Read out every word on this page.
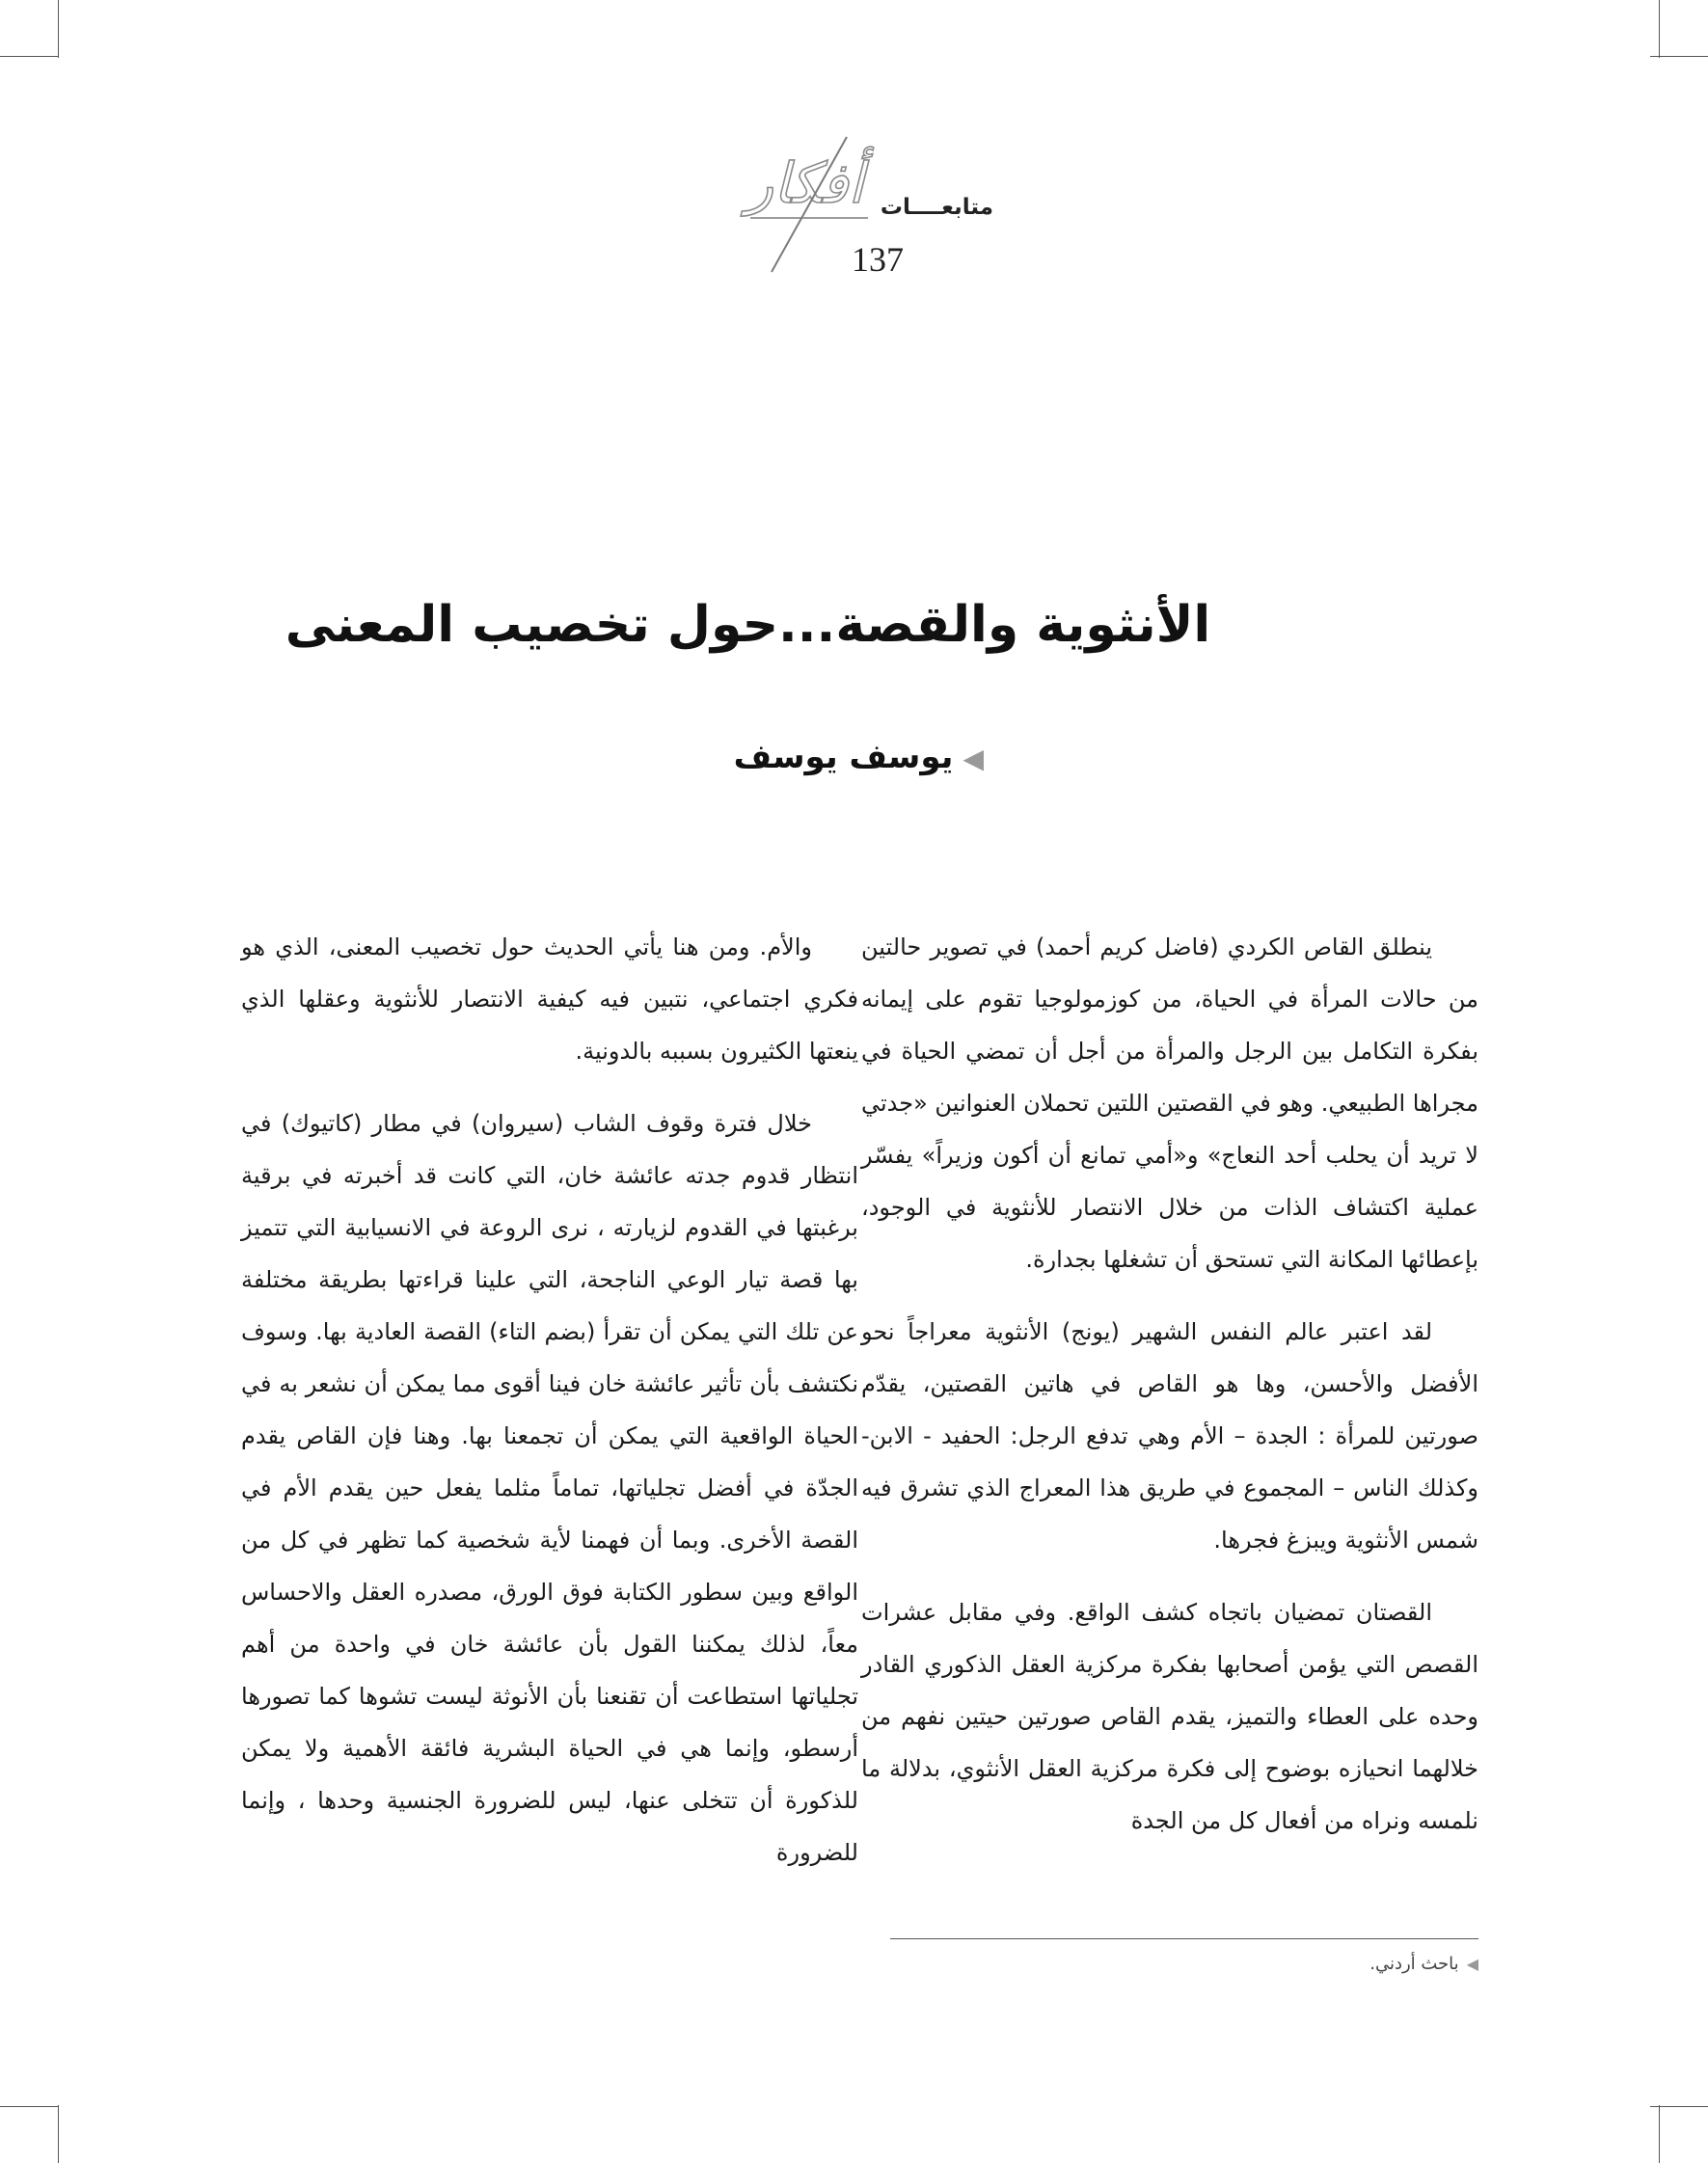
أفكار متابعــــات
137
الأنثوية والقصة...حول تخصيب المعنى
◀يوسف يوسف

ينطلق القاص الكردي (فاضل كريم أحمد) في تصوير حالتين من حالات المرأة في الحياة، من كوزمولوجيا تقوم على إيمانه بفكرة التكامل بين الرجل والمرأة من أجل أن تمضي الحياة في مجراها الطبيعي. وهو في القصتين اللتين تحملان العنوانين «جدتي لا تريد أن يحلب أحد النعاج» و«أمي تمانع أن أكون وزيراً» يفسّر عملية اكتشاف الذات من خلال الانتصار للأنثوية في الوجود، بإعطائها المكانة التي تستحق أن تشغلها بجدارة.

لقد اعتبر عالم النفس الشهير (يونج) الأنثوية معراجاً نحو الأفضل والأحسن، وها هو القاص في هاتين القصتين، يقدّم صورتين للمرأة : الجدة – الأم وهي تدفع الرجل: الحفيد - الابن- وكذلك الناس – المجموع في طريق هذا المعراج الذي تشرق فيه شمس الأنثوية ويبزغ فجرها.

القصتان تمضيان باتجاه كشف الواقع. وفي مقابل عشرات القصص التي يؤمن أصحابها بفكرة مركزية العقل الذكوري القادر وحده على العطاء والتميز، يقدم القاص صورتين حيتين نفهم من خلالهما انحيازه بوضوح إلى فكرة مركزية العقل الأنثوي، بدلالة ما نلمسه ونراه من أفعال كل من الجدة

والأم. ومن هنا يأتي الحديث حول تخصيب المعنى، الذي هو فكري اجتماعي، نتبين فيه كيفية الانتصار للأنثوية وعقلها الذي ينعتها الكثيرون بسببه بالدونية.

خلال فترة وقوف الشاب (سيروان) في مطار (كاتيوك) في انتظار قدوم جدته عائشة خان، التي كانت قد أخبرته في برقية برغبتها في القدوم لزيارته ، نرى الروعة في الانسيابية التي تتميز بها قصة تيار الوعي الناجحة، التي علينا قراءتها بطريقة مختلفة عن تلك التي يمكن أن تقرأ (بضم التاء) القصة العادية بها. وسوف نكتشف بأن تأثير عائشة خان فينا أقوى مما يمكن أن نشعر به في الحياة الواقعية التي يمكن أن تجمعنا بها. وهنا فإن القاص يقدم الجدّة في أفضل تجلياتها، تماماً مثلما يفعل حين يقدم الأم في القصة الأخرى. وبما أن فهمنا لأية شخصية كما تظهر في كل من الواقع وبين سطور الكتابة فوق الورق، مصدره العقل والاحساس معاً، لذلك يمكننا القول بأن عائشة خان في واحدة من أهم تجلياتها استطاعت أن تقنعنا بأن الأنوثة ليست تشوها كما تصورها أرسطو، وإنما هي في الحياة البشرية فائقة الأهمية ولا يمكن للذكورة أن تتخلى عنها، ليس للضرورة الجنسية وحدها ، وإنما للضرورة

◀باحث أردني.
